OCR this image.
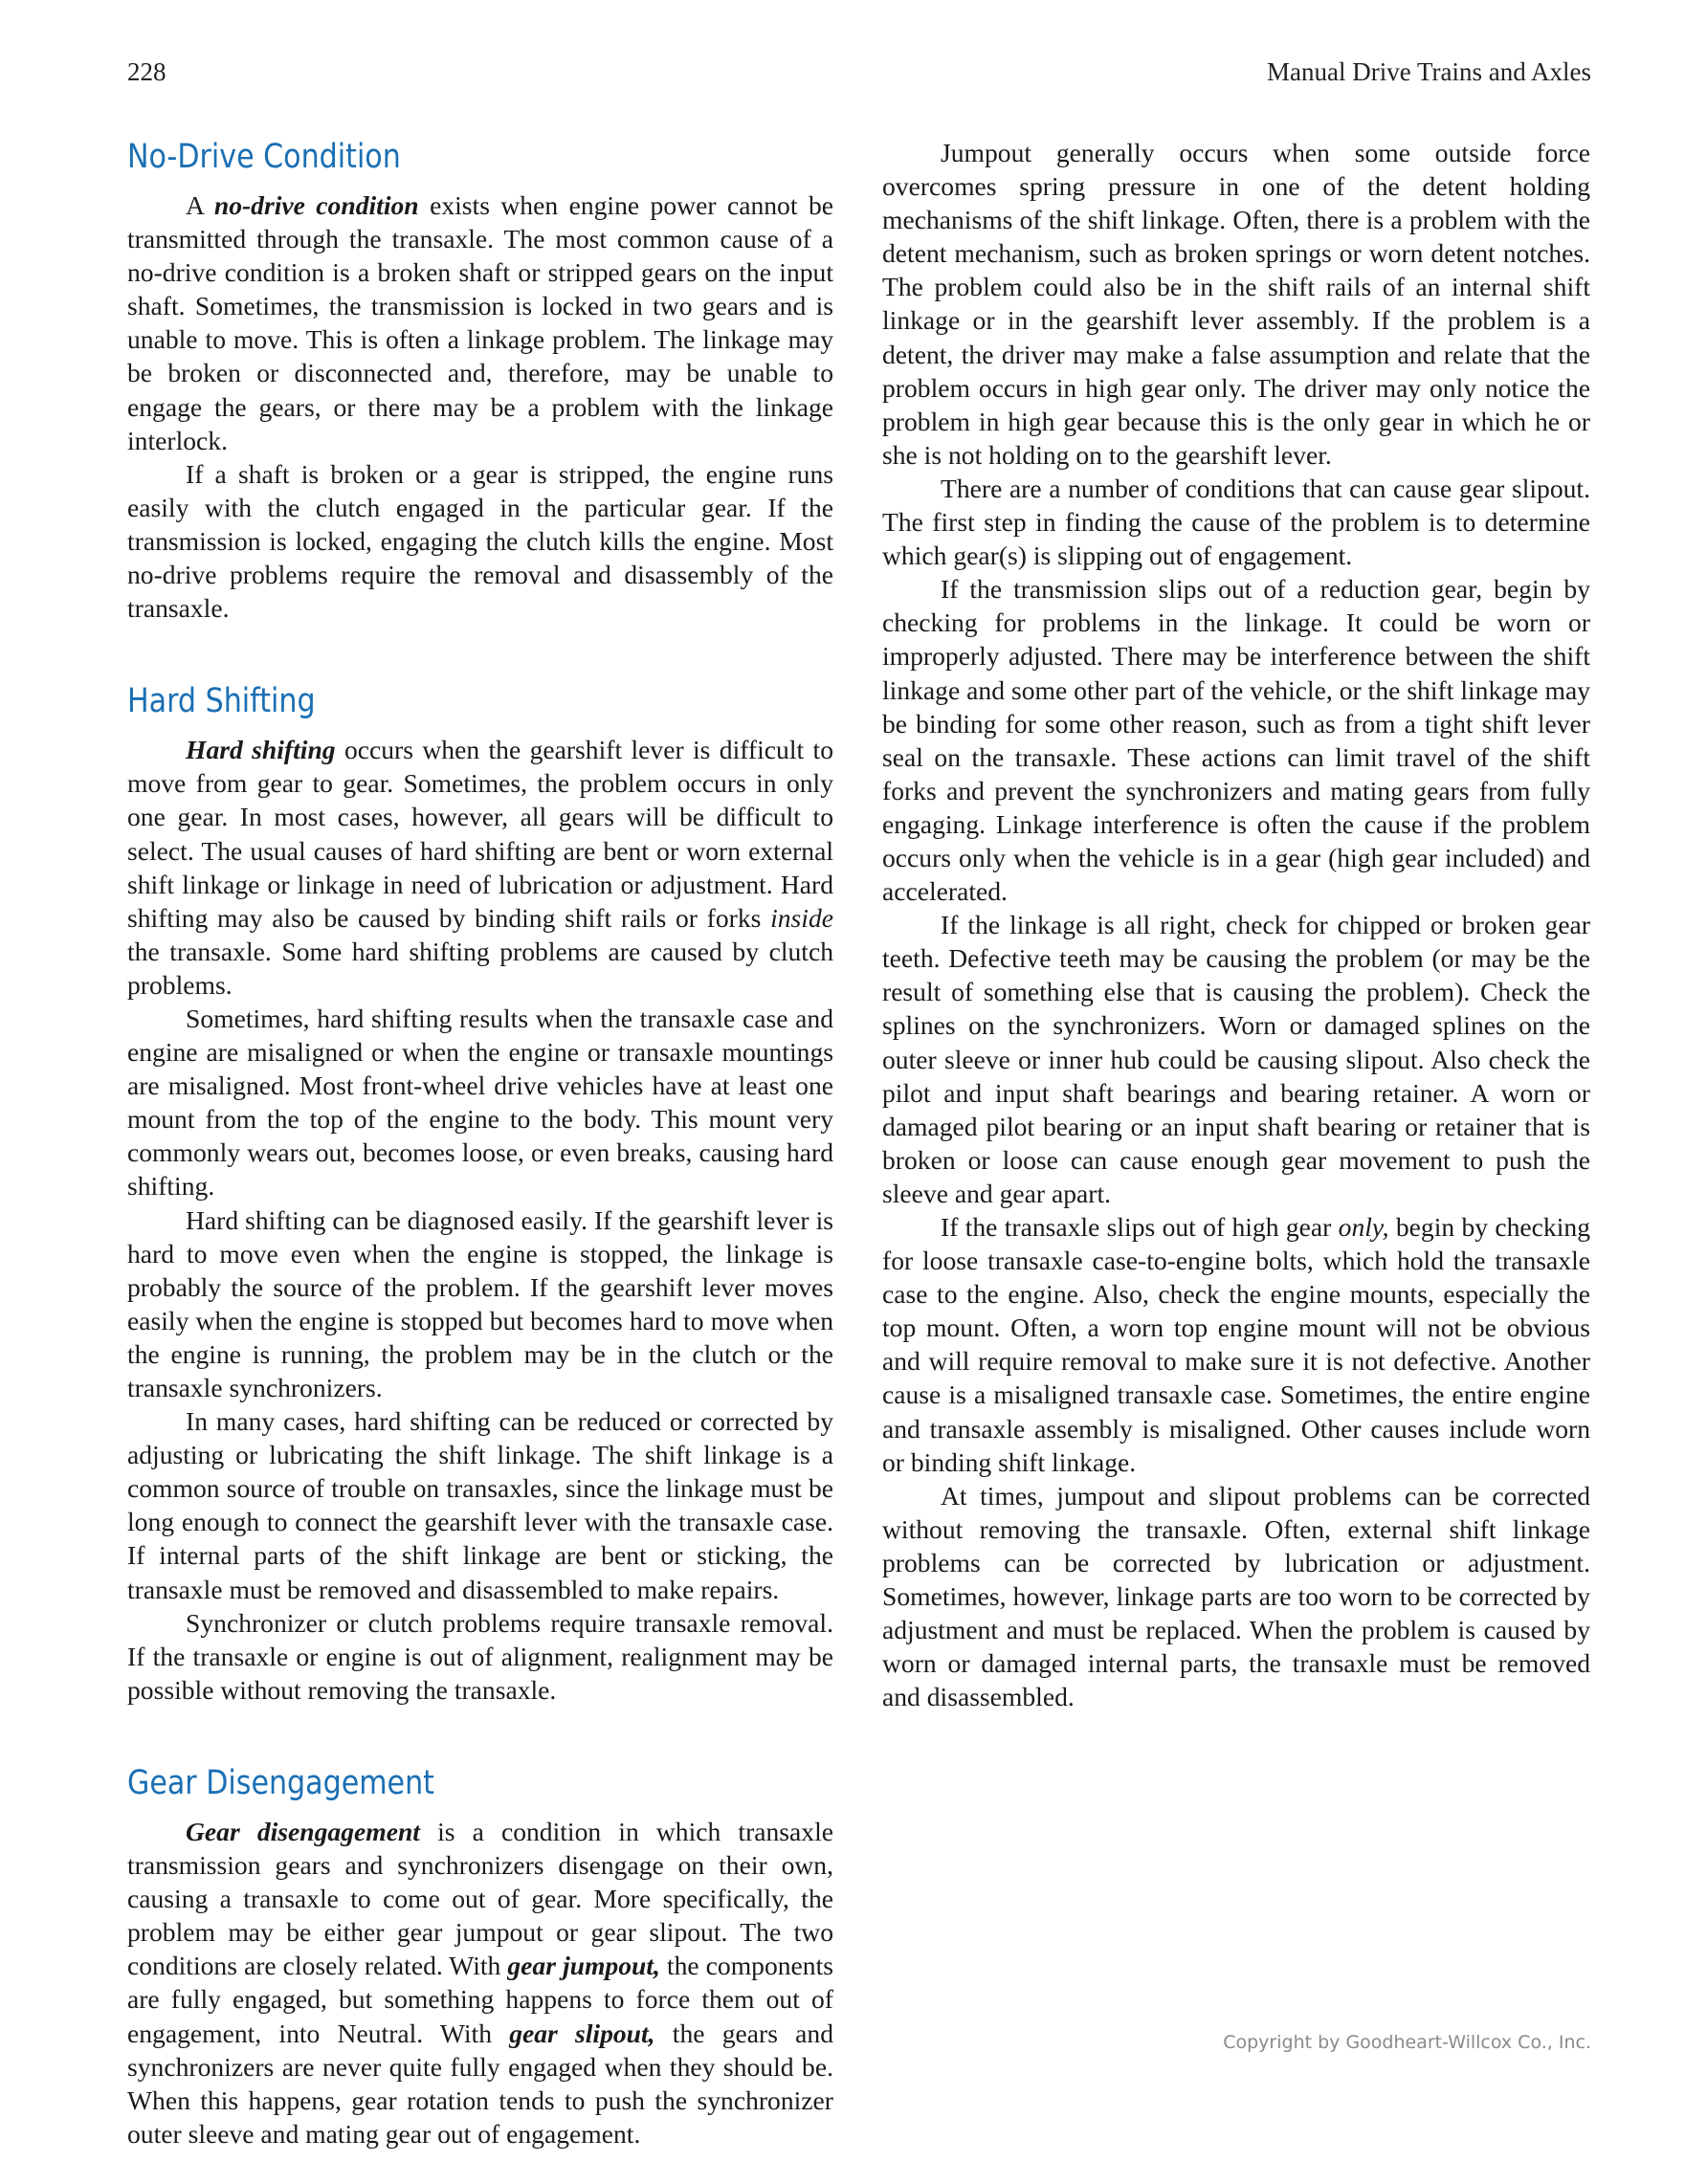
228	Manual Drive Trains and Axles
No-Drive Condition

A no-drive condition exists when engine power cannot be transmitted through the transaxle. The most common cause of a no-drive condition is a broken shaft or stripped gears on the input shaft. Sometimes, the transmission is locked in two gears and is unable to move. This is often a linkage problem. The linkage may be broken or disconnected and, therefore, may be unable to engage the gears, or there may be a problem with the linkage interlock.

If a shaft is broken or a gear is stripped, the engine runs easily with the clutch engaged in the particular gear. If the transmission is locked, engaging the clutch kills the engine. Most no-drive problems require the removal and disassembly of the transaxle.

Hard Shifting

Hard shifting occurs when the gearshift lever is difficult to move from gear to gear. Sometimes, the problem occurs in only one gear. In most cases, however, all gears will be difficult to select. The usual causes of hard shifting are bent or worn external shift linkage or linkage in need of lubrication or adjustment. Hard shifting may also be caused by binding shift rails or forks inside the transaxle. Some hard shifting problems are caused by clutch problems.

Sometimes, hard shifting results when the transaxle case and engine are misaligned or when the engine or transaxle mountings are misaligned. Most front-wheel drive vehicles have at least one mount from the top of the engine to the body. This mount very commonly wears out, becomes loose, or even breaks, causing hard shifting.

Hard shifting can be diagnosed easily. If the gearshift lever is hard to move even when the engine is stopped, the linkage is probably the source of the problem. If the gearshift lever moves easily when the engine is stopped but becomes hard to move when the engine is running, the problem may be in the clutch or the transaxle synchronizers.

In many cases, hard shifting can be reduced or corrected by adjusting or lubricating the shift linkage. The shift linkage is a common source of trouble on transaxles, since the linkage must be long enough to connect the gearshift lever with the transaxle case. If internal parts of the shift linkage are bent or sticking, the transaxle must be removed and disassembled to make repairs.

Synchronizer or clutch problems require transaxle removal. If the transaxle or engine is out of alignment, realignment may be possible without removing the transaxle.

Gear Disengagement

Gear disengagement is a condition in which transaxle transmission gears and synchronizers disengage on their own, causing a transaxle to come out of gear. More specifically, the problem may be either gear jumpout or gear slipout. The two conditions are closely related. With gear jumpout, the components are fully engaged, but something happens to force them out of engagement, into Neutral. With gear slipout, the gears and synchronizers are never quite fully engaged when they should be. When this happens, gear rotation tends to push the synchronizer outer sleeve and mating gear out of engagement.

Jumpout generally occurs when some outside force overcomes spring pressure in one of the detent holding mechanisms of the shift linkage. Often, there is a problem with the detent mechanism, such as broken springs or worn detent notches. The problem could also be in the shift rails of an internal shift linkage or in the gearshift lever assembly. If the problem is a detent, the driver may make a false assumption and relate that the problem occurs in high gear only. The driver may only notice the problem in high gear because this is the only gear in which he or she is not holding on to the gearshift lever.

There are a number of conditions that can cause gear slipout. The first step in finding the cause of the problem is to determine which gear(s) is slipping out of engagement.

If the transmission slips out of a reduction gear, begin by checking for problems in the linkage. It could be worn or improperly adjusted. There may be interference between the shift linkage and some other part of the vehicle, or the shift linkage may be binding for some other reason, such as from a tight shift lever seal on the transaxle. These actions can limit travel of the shift forks and prevent the synchronizers and mating gears from fully engaging. Linkage interference is often the cause if the problem occurs only when the vehicle is in a gear (high gear included) and accelerated.

If the linkage is all right, check for chipped or broken gear teeth. Defective teeth may be causing the problem (or may be the result of something else that is causing the problem). Check the splines on the synchronizers. Worn or damaged splines on the outer sleeve or inner hub could be causing slipout. Also check the pilot and input shaft bearings and bearing retainer. A worn or damaged pilot bearing or an input shaft bearing or retainer that is broken or loose can cause enough gear movement to push the sleeve and gear apart.

If the transaxle slips out of high gear only, begin by checking for loose transaxle case-to-engine bolts, which hold the transaxle case to the engine. Also, check the engine mounts, especially the top mount. Often, a worn top engine mount will not be obvious and will require removal to make sure it is not defective. Another cause is a misaligned transaxle case. Sometimes, the entire engine and transaxle assembly is misaligned. Other causes include worn or binding shift linkage.

At times, jumpout and slipout problems can be corrected without removing the transaxle. Often, external shift linkage problems can be corrected by lubrication or adjustment. Sometimes, however, linkage parts are too worn to be corrected by adjustment and must be replaced. When the problem is caused by worn or damaged internal parts, the transaxle must be removed and disassembled.

Copyright by Goodheart-Willcox Co., Inc.
